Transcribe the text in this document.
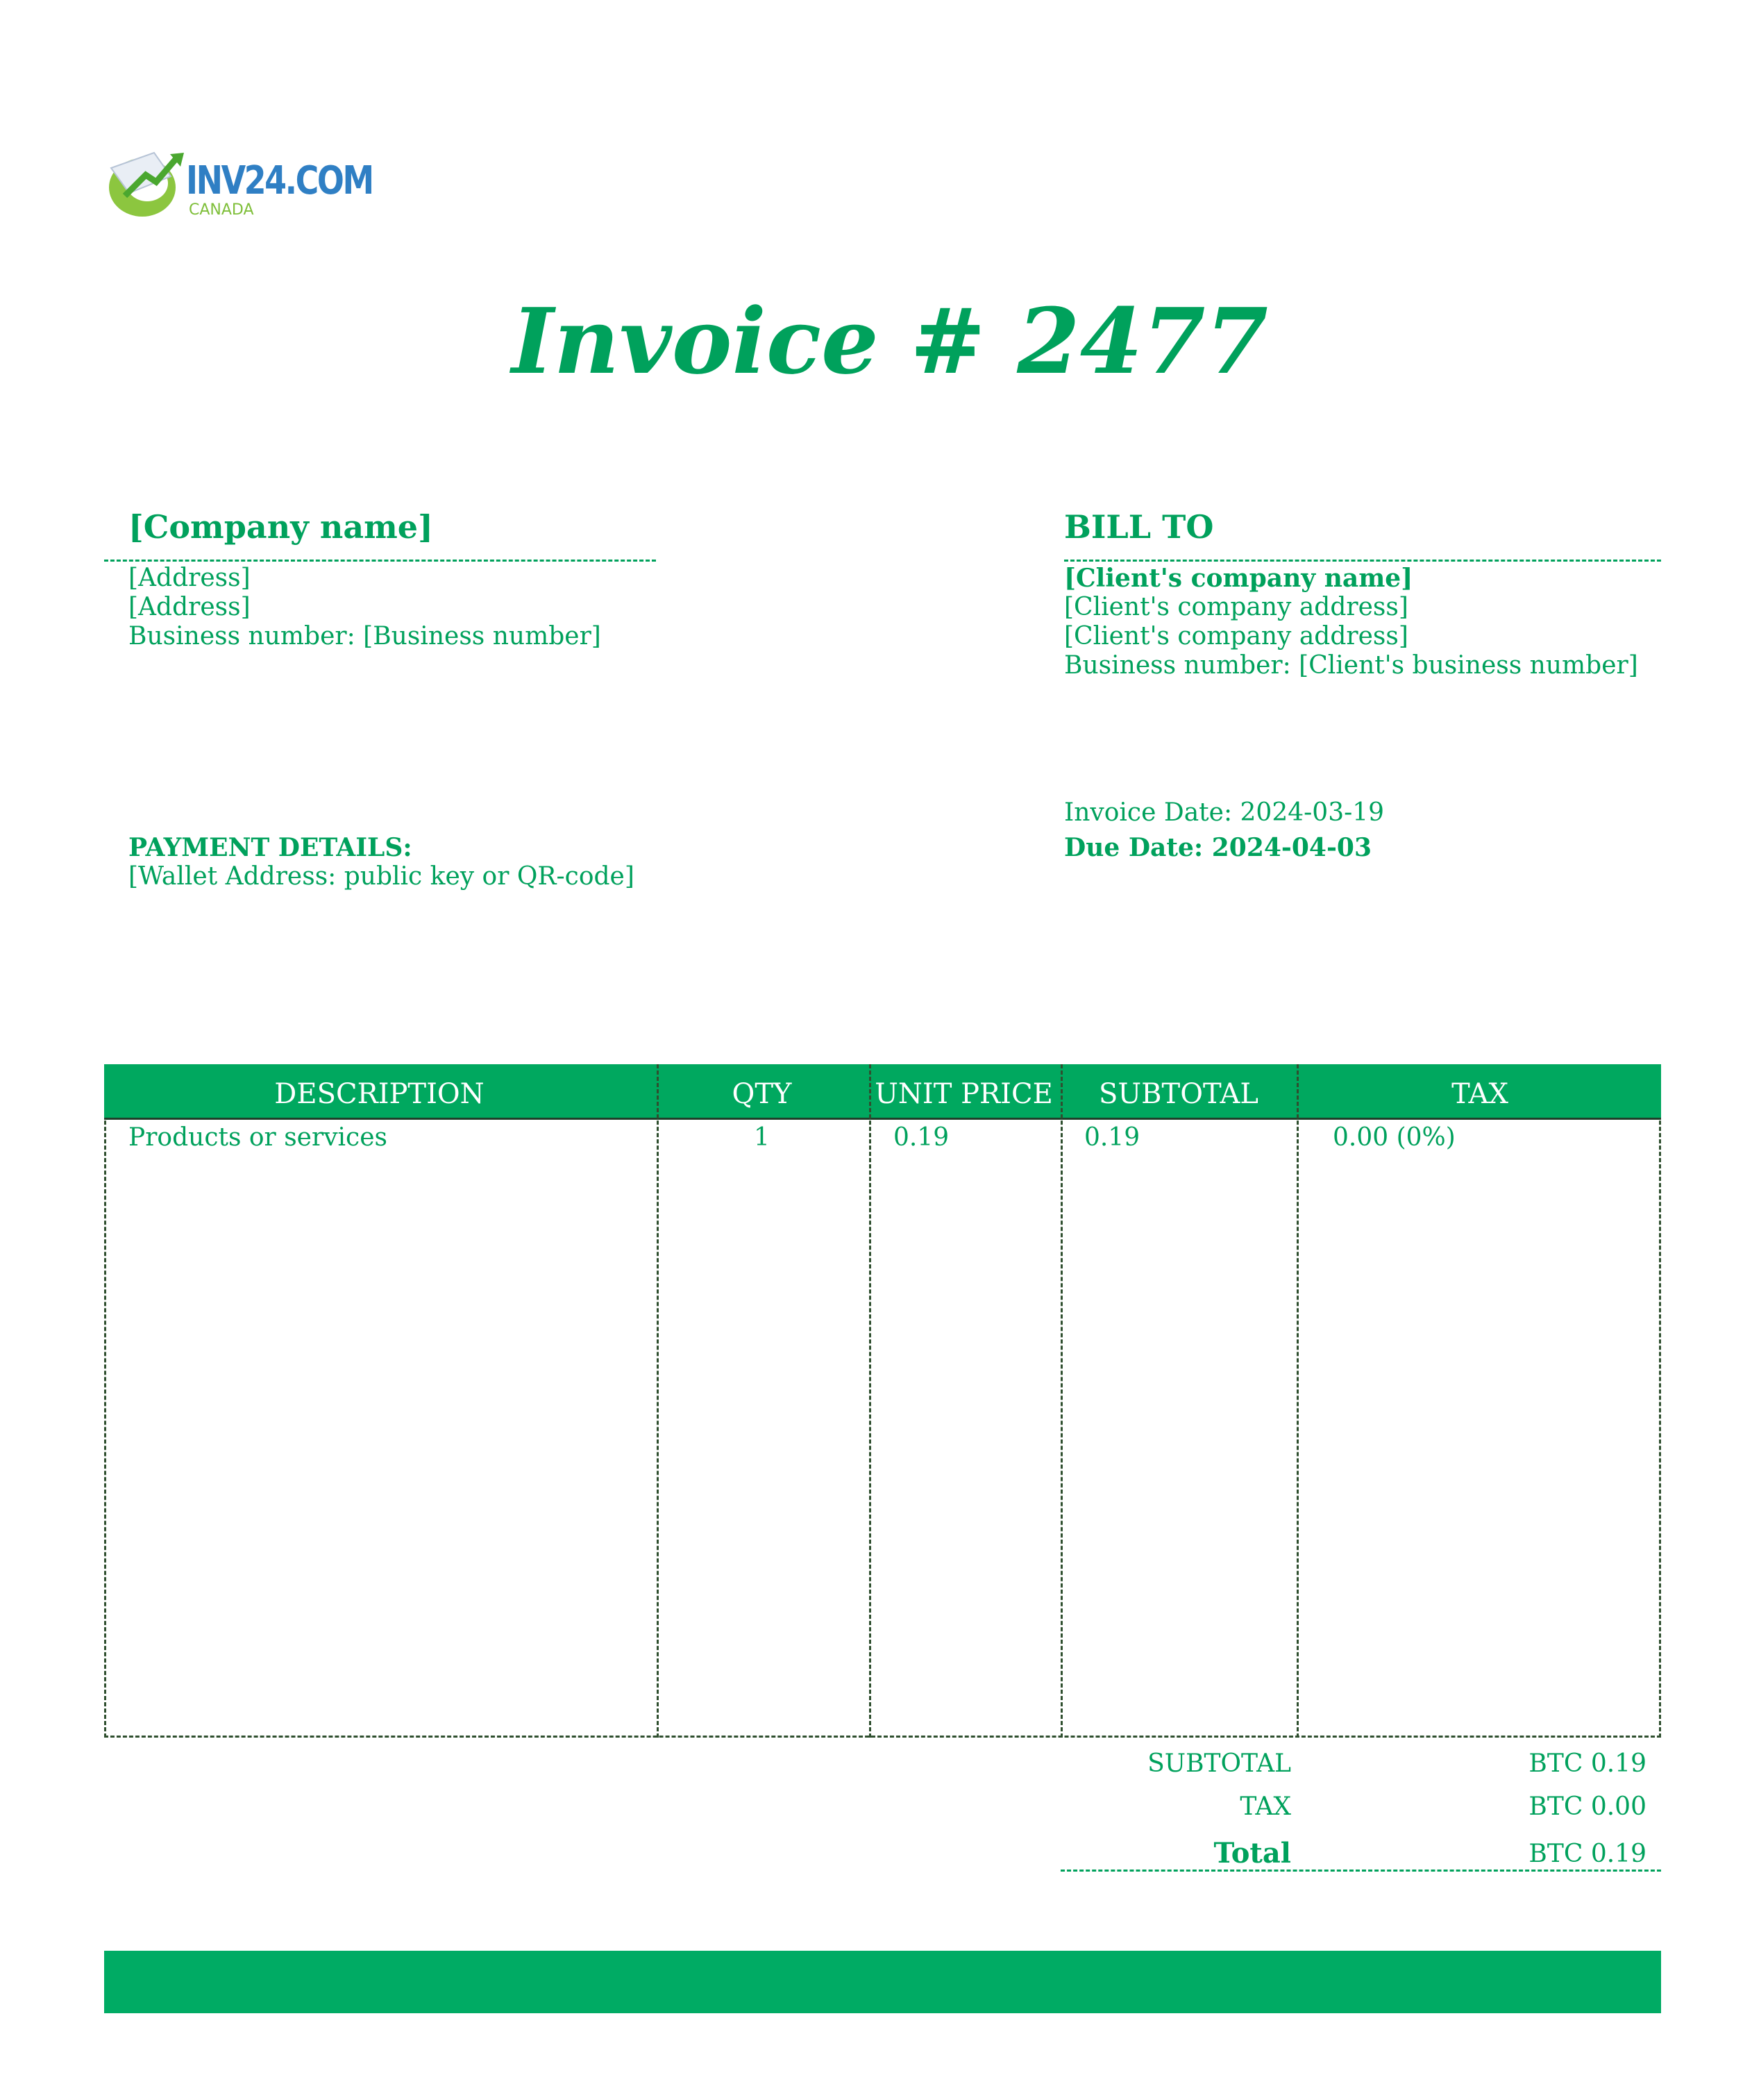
INV24.COM
CANADA
Invoice # 2477
[Company name]
[Address]
[Address]
Business number: [Business number]
BILL TO
[Client's company name]
[Client's company address]
[Client's company address]
Business number: [Client's business number]
Invoice Date: 2024-03-19
Due Date: 2024-04-03
PAYMENT DETAILS:
[Wallet Address: public key or QR-code]
DESCRIPTION	QTY	UNIT PRICE	SUBTOTAL	TAX
Products or services	1	0.19	0.19	0.00 (0%)
SUBTOTAL	BTC 0.19
TAX	BTC 0.00
Total	BTC 0.19
